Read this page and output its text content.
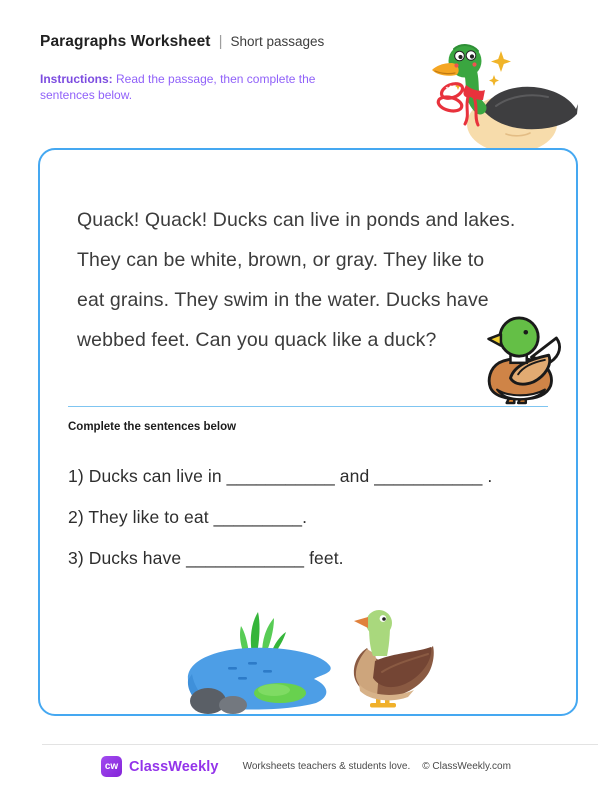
Paragraphs Worksheet | Short passages
Instructions: Read the passage, then complete the sentences below.
Quack! Quack! Ducks can live in ponds and lakes.
They can be white, brown, or gray. They like to
eat grains. They swim in the water. Ducks have
webbed feet. Can you quack like a duck?
Complete the sentences below
1) Ducks can live in ___________ and ___________ .
2) They like to eat _________.
3) Ducks have ____________ feet.
cw ClassWeekly Worksheets teachers & students love. © ClassWeekly.com
